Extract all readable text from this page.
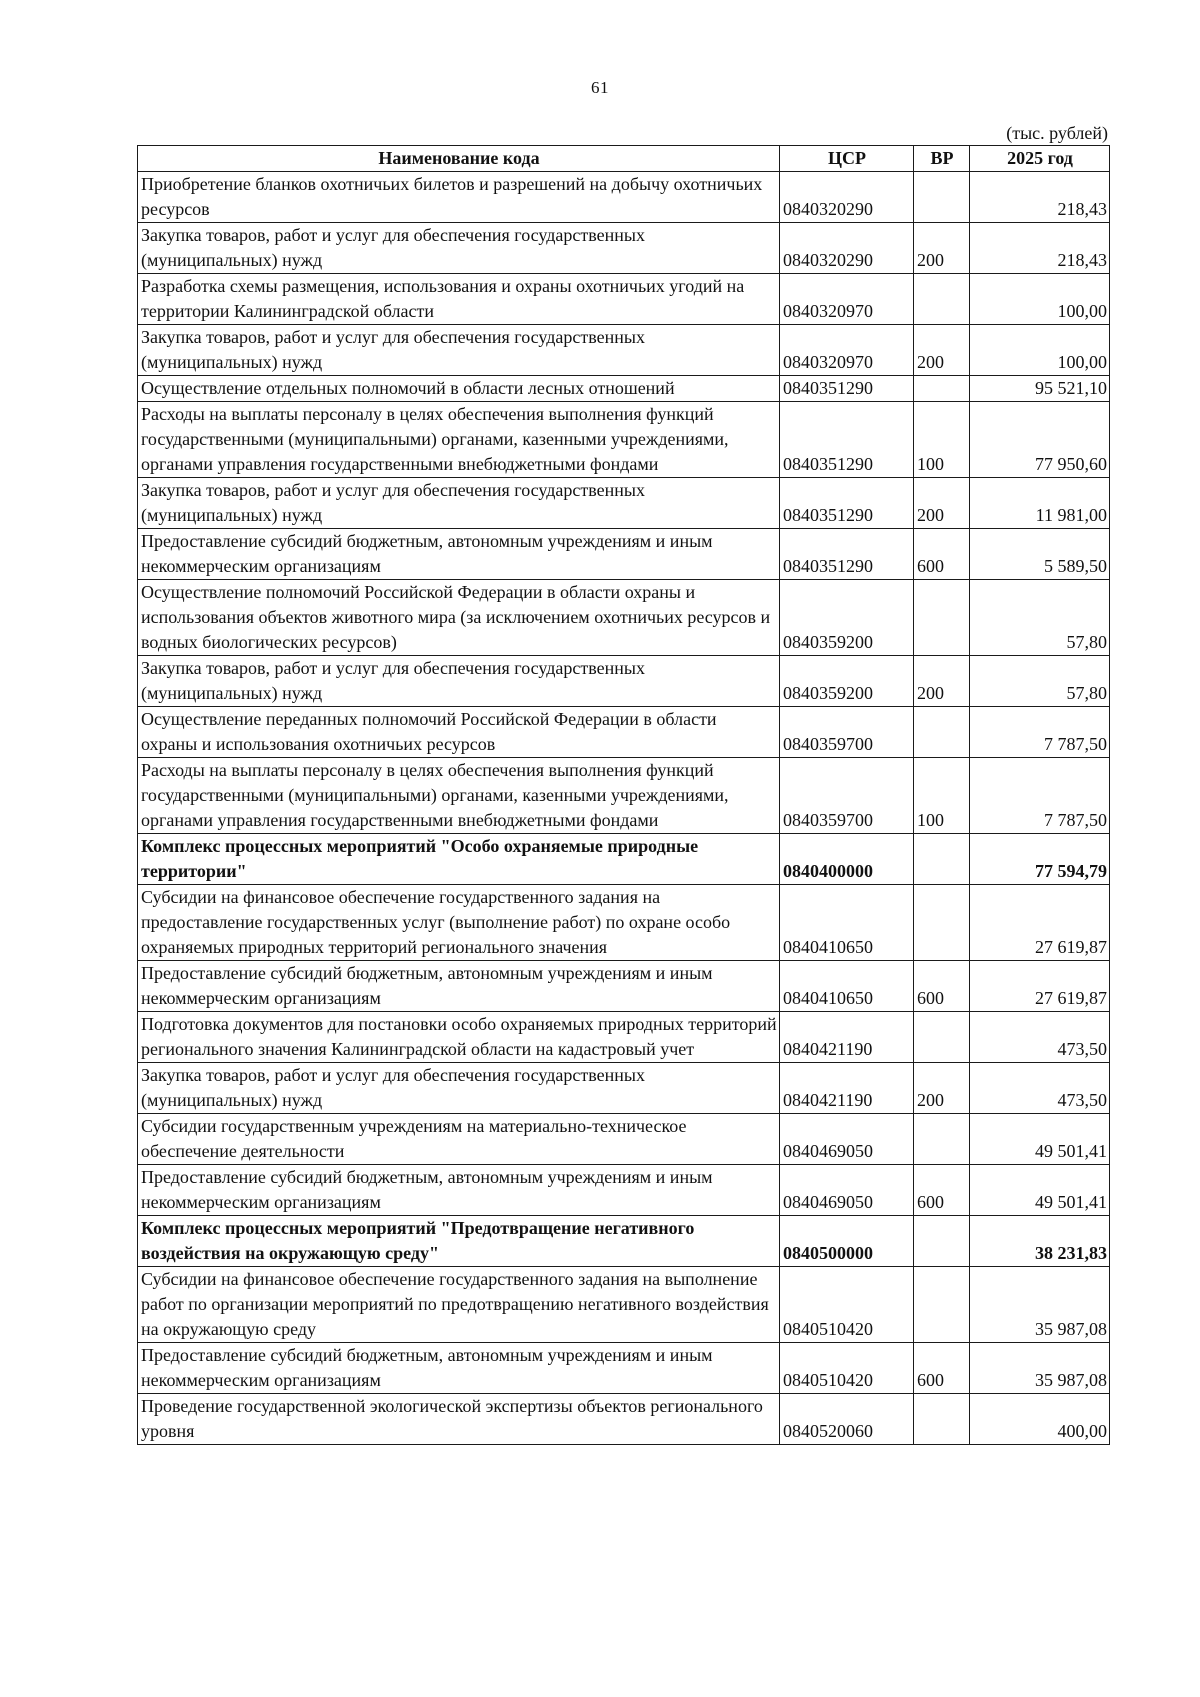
61
(тыс. рублей)
Наименование кода	ЦСР	ВР	2025 год
Приобретение бланков охотничьих билетов и разрешений на добычу охотничьих ресурсов	0840320290		218,43
Закупка товаров, работ и услуг для обеспечения государственных (муниципальных) нужд	0840320290	200	218,43
Разработка схемы размещения, использования и охраны охотничьих угодий на территории Калининградской области	0840320970		100,00
Закупка товаров, работ и услуг для обеспечения государственных (муниципальных) нужд	0840320970	200	100,00
Осуществление отдельных полномочий в области лесных отношений	0840351290		95 521,10
Расходы на выплаты персоналу в целях обеспечения выполнения функций государственными (муниципальными) органами, казенными учреждениями, органами управления государственными внебюджетными фондами	0840351290	100	77 950,60
Закупка товаров, работ и услуг для обеспечения государственных (муниципальных) нужд	0840351290	200	11 981,00
Предоставление субсидий бюджетным, автономным учреждениям и иным некоммерческим организациям	0840351290	600	5 589,50
Осуществление полномочий Российской Федерации в области охраны и использования объектов животного мира (за исключением охотничьих ресурсов и водных биологических ресурсов)	0840359200		57,80
Закупка товаров, работ и услуг для обеспечения государственных (муниципальных) нужд	0840359200	200	57,80
Осуществление переданных полномочий Российской Федерации в области охраны и использования охотничьих ресурсов	0840359700		7 787,50
Расходы на выплаты персоналу в целях обеспечения выполнения функций государственными (муниципальными) органами, казенными учреждениями, органами управления государственными внебюджетными фондами	0840359700	100	7 787,50
Комплекс процессных мероприятий "Особо охраняемые природные территории"	0840400000		77 594,79
Субсидии на финансовое обеспечение государственного задания на предоставление государственных услуг (выполнение работ) по охране особо охраняемых природных территорий регионального значения	0840410650		27 619,87
Предоставление субсидий бюджетным, автономным учреждениям и иным некоммерческим организациям	0840410650	600	27 619,87
Подготовка документов для постановки особо охраняемых природных территорий регионального значения Калининградской области на кадастровый учет	0840421190		473,50
Закупка товаров, работ и услуг для обеспечения государственных (муниципальных) нужд	0840421190	200	473,50
Субсидии государственным учреждениям на материально-техническое обеспечение деятельности	0840469050		49 501,41
Предоставление субсидий бюджетным, автономным учреждениям и иным некоммерческим организациям	0840469050	600	49 501,41
Комплекс процессных мероприятий "Предотвращение негативного воздействия на окружающую среду"	0840500000		38 231,83
Субсидии на финансовое обеспечение государственного задания на выполнение работ по организации мероприятий по предотвращению негативного воздействия на окружающую среду	0840510420		35 987,08
Предоставление субсидий бюджетным, автономным учреждениям и иным некоммерческим организациям	0840510420	600	35 987,08
Проведение государственной экологической экспертизы объектов регионального уровня	0840520060		400,00
